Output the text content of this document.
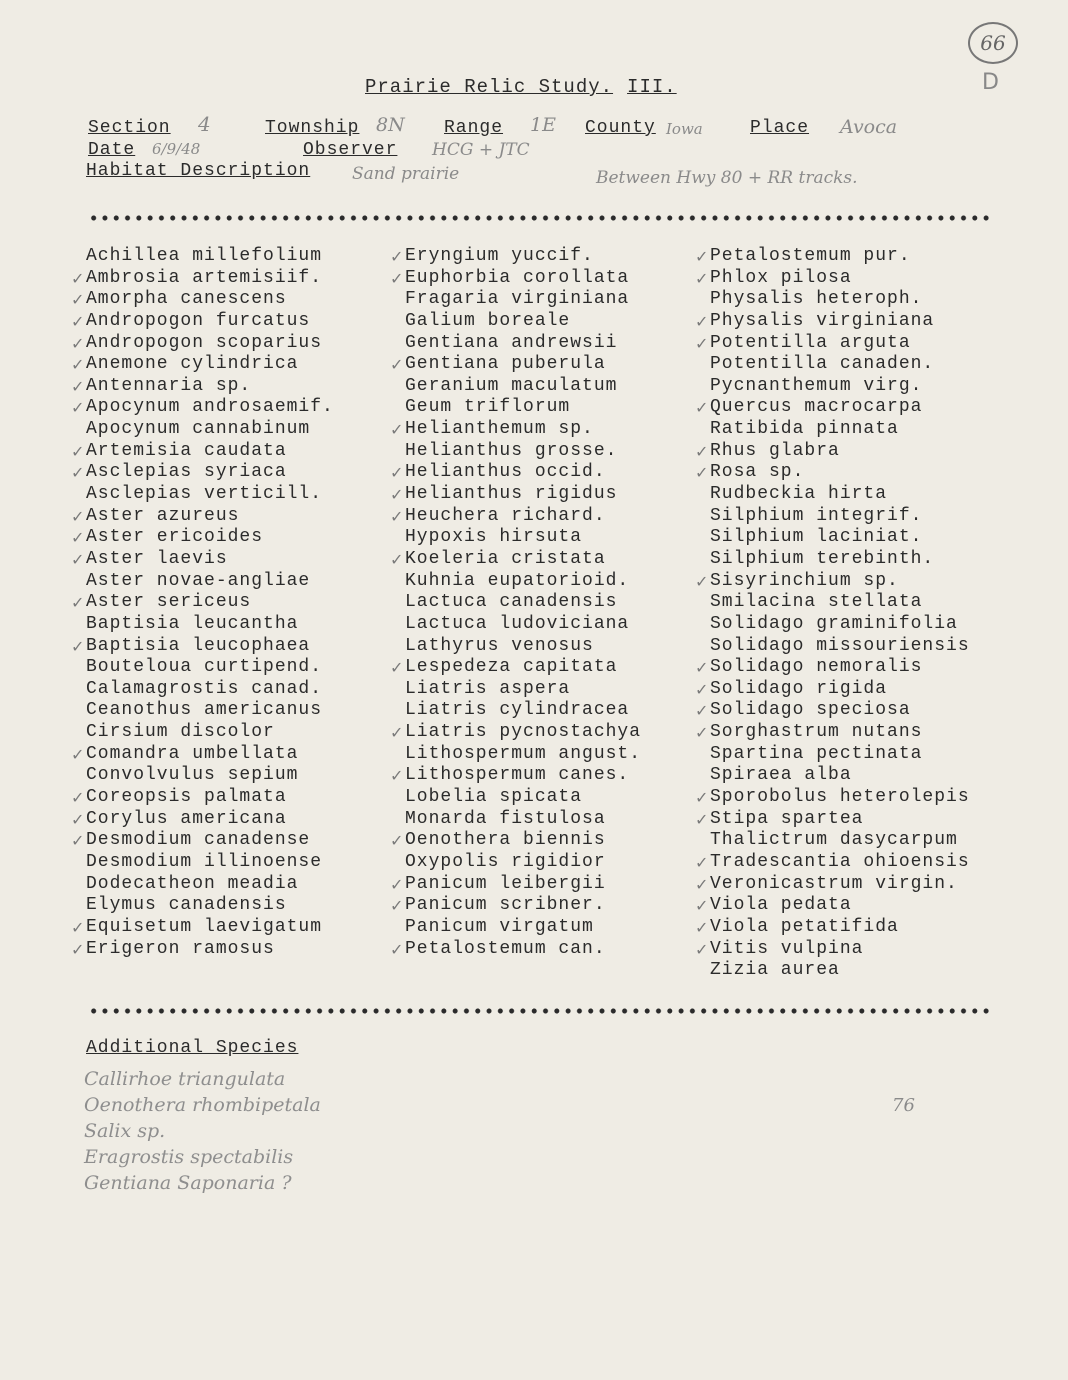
66
D
Prairie Relic Study. III.
Section 4	Township 8N Range 1E County Iowa	Place Avoca
Date 6/9/48	Observer HCG + JTC
Habitat Description Sand prairie	Between Hwy 80 + RR tracks.
Achillea millefolium
✓ Ambrosia artemisiif.
✓ Amorpha canescens
✓ Andropogon furcatus
✓ Andropogon scoparius
✓ Anemone cylindrica
✓ Antennaria sp.
✓ Apocynum androsaemif.
Apocynum cannabinum
✓ Artemisia caudata
✓ Asclepias syriaca
Asclepias verticill.
✓ Aster azureus
✓ Aster ericoides
✓ Aster laevis
Aster novae-angliae
✓ Aster sericeus
Baptisia leucantha
✓ Baptisia leucophaea
Bouteloua curtipend.
Calamagrostis canad.
Ceanothus americanus
Cirsium discolor
✓ Comandra umbellata
Convolvulus sepium
✓ Coreopsis palmata
✓ Corylus americana
✓ Desmodium canadense
Desmodium illinoense
Dodecatheon meadia
Elymus canadensis
✓ Equisetum laevigatum
✓ Erigeron ramosus
✓ Eryngium yuccif.
✓ Euphorbia corollata
Fragaria virginiana
Galium boreale
Gentiana andrewsii
✓ Gentiana puberula
Geranium maculatum
Geum triflorum
✓ Helianthemum sp.
Helianthus grosse.
✓ Helianthus occid.
✓ Helianthus rigidus
✓ Heuchera richard.
Hypoxis hirsuta
✓ Koeleria cristata
Kuhnia eupatorioid.
Lactuca canadensis
Lactuca ludoviciana
Lathyrus venosus
✓ Lespedeza capitata
Liatris aspera
Liatris cylindracea
✓ Liatris pycnostachya
Lithospermum angust.
✓ Lithospermum canes.
Lobelia spicata
Monarda fistulosa
✓ Oenothera biennis
Oxypolis rigidior
✓ Panicum leibergii
✓ Panicum scribner.
Panicum virgatum
✓ Petalostemum can.
✓ Petalostemum pur.
✓ Phlox pilosa
Physalis heteroph.
✓ Physalis virginiana
✓ Potentilla arguta
Potentilla canaden.
Pycnanthemum virg.
✓ Quercus macrocarpa
Ratibida pinnata
✓ Rhus glabra
✓ Rosa sp.
Rudbeckia hirta
Silphium integrif.
Silphium laciniat.
Silphium terebinth.
✓ Sisyrinchium sp.
Smilacina stellata
Solidago graminifolia
Solidago missouriensis
✓ Solidago nemoralis
✓ Solidago rigida
✓ Solidago speciosa
✓ Sorghastrum nutans
Spartina pectinata
Spiraea alba
✓ Sporobolus heterolepis
✓ Stipa spartea
Thalictrum dasycarpum
✓ Tradescantia ohioensis
✓ Veronicastrum virgin.
✓ Viola pedata
✓ Viola petatifida
✓ Vitis vulpina
Zizia aurea
Additional Species
Callirhoe triangulata
Oenothera rhombipetala
Salix sp.
Eragrostis spectabilis
Gentiana Saponaria ?
76
